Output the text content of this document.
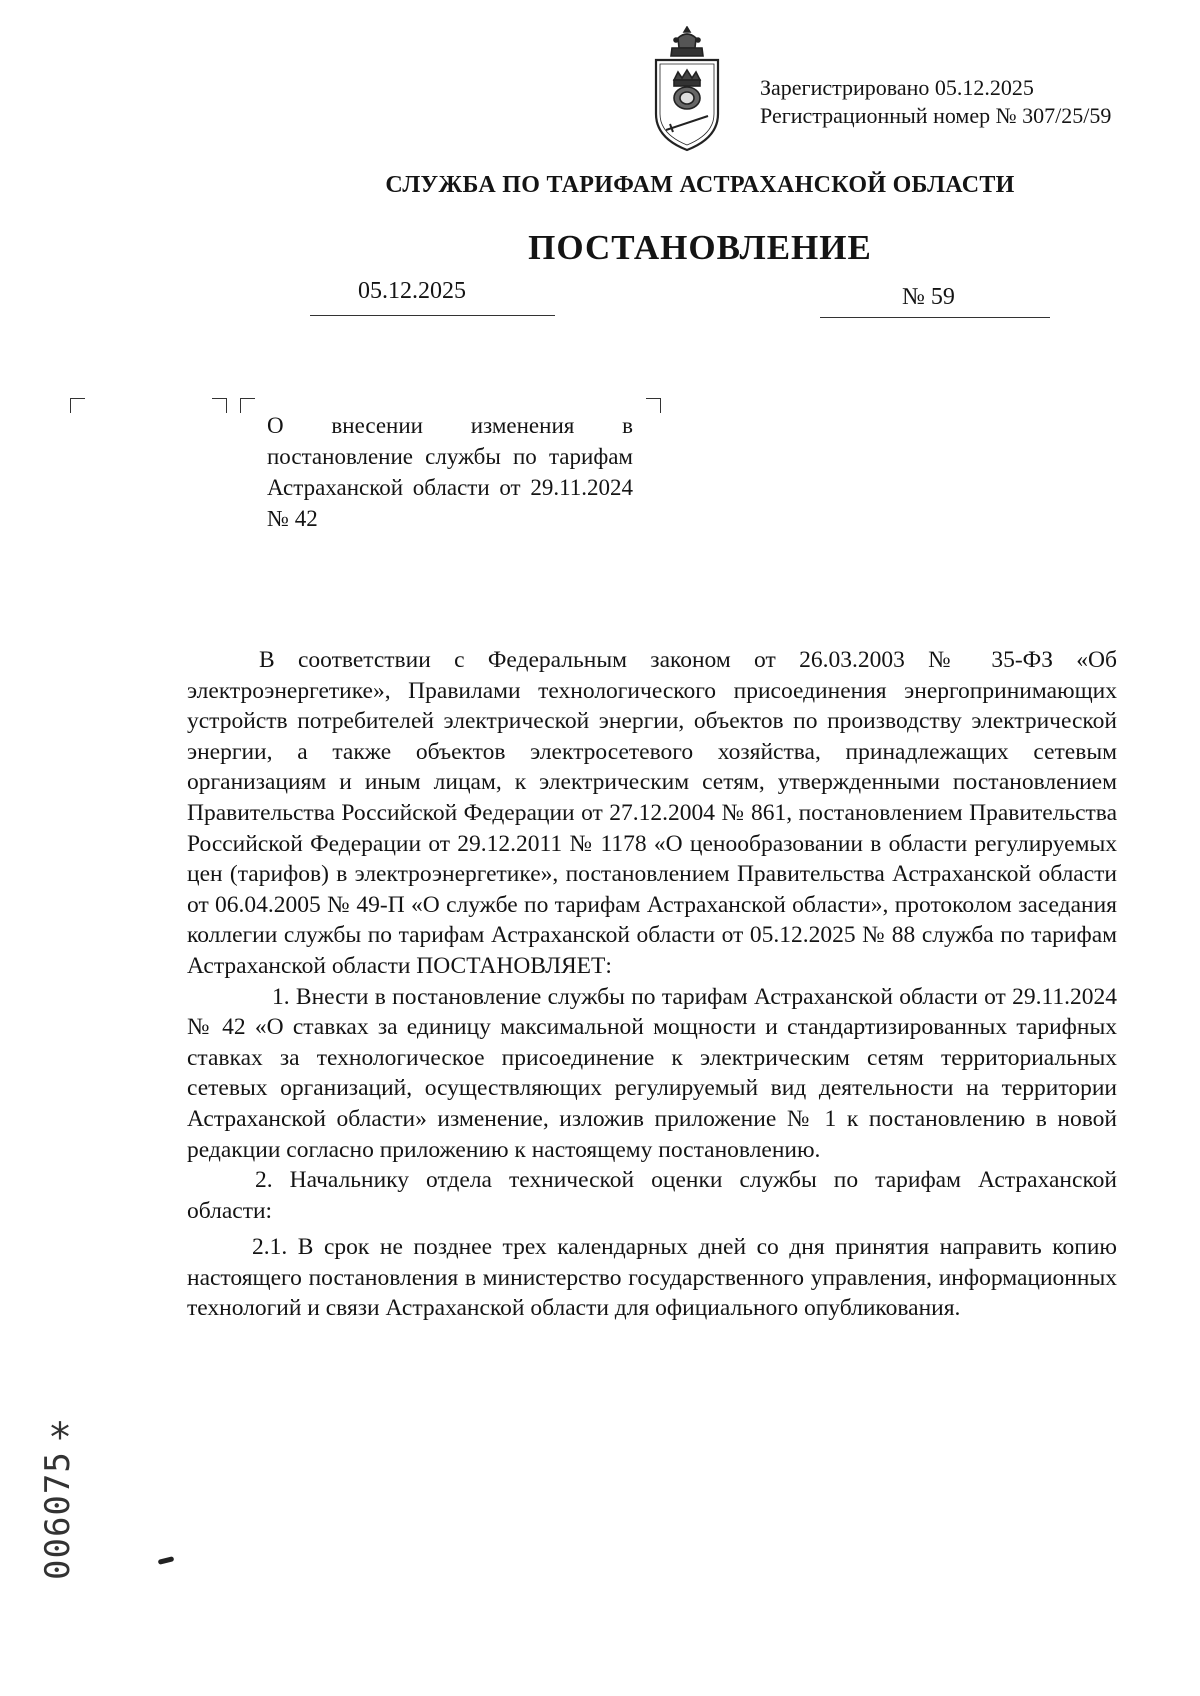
Зарегистрировано 05.12.2025
Регистрационный номер № 307/25/59
СЛУЖБА ПО ТАРИФАМ АСТРАХАНСКОЙ ОБЛАСТИ
ПОСТАНОВЛЕНИЕ
05.12.2025	№ 59
О внесении изменения в постановление службы по тарифам Астраханской области от 29.11.2024 № 42

В соответствии с Федеральным законом от 26.03.2003 № 35-ФЗ «Об электроэнергетике», Правилами технологического присоединения энергопринимающих устройств потребителей электрической энергии, объектов по производству электрической энергии, а также объектов электросетевого хозяйства, принадлежащих сетевым организациям и иным лицам, к электрическим сетям, утвержденными постановлением Правительства Российской Федерации от 27.12.2004 № 861, постановлением Правительства Российской Федерации от 29.12.2011 № 1178 «О ценообразовании в области регулируемых цен (тарифов) в электроэнергетике», постановлением Правительства Астраханской области от 06.04.2005 № 49-П «О службе по тарифам Астраханской области», протоколом заседания коллегии службы по тарифам Астраханской области от 05.12.2025 № 88 служба по тарифам Астраханской области ПОСТАНОВЛЯЕТ:

1. Внести в постановление службы по тарифам Астраханской области от 29.11.2024 № 42 «О ставках за единицу максимальной мощности и стандартизированных тарифных ставках за технологическое присоединение к электрическим сетям территориальных сетевых организаций, осуществляющих регулируемый вид деятельности на территории Астраханской области» изменение, изложив приложение № 1 к постановлению в новой редакции согласно приложению к настоящему постановлению.

2. Начальнику отдела технической оценки службы по тарифам Астраханской области:

2.1. В срок не позднее трех календарных дней со дня принятия направить копию настоящего постановления в министерство государственного управления, информационных технологий и связи Астраханской области для официального опубликования.

*
006075
